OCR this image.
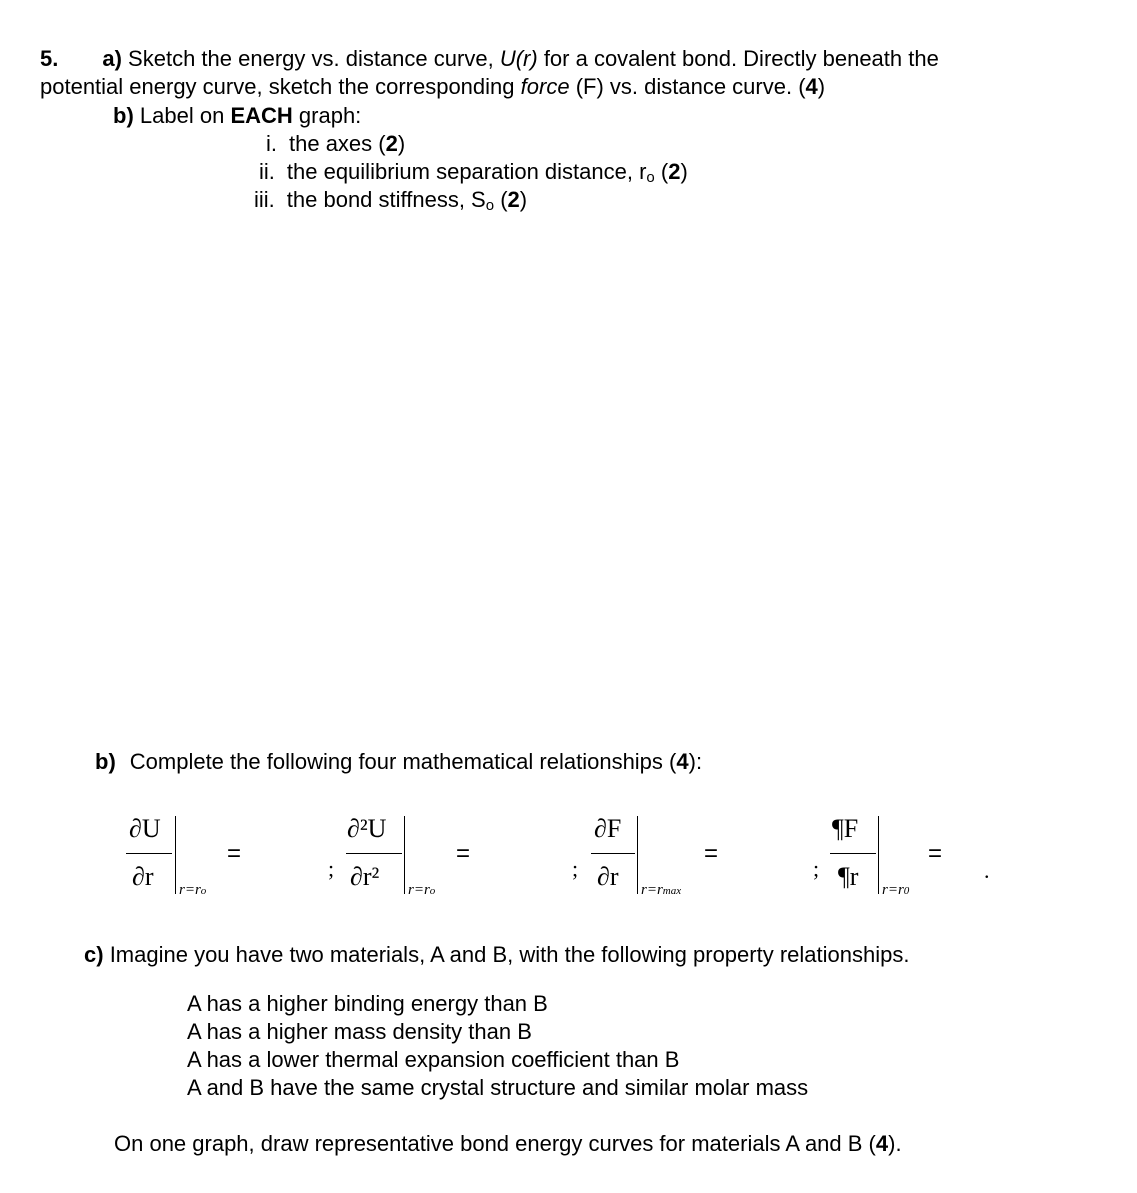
5. a) Sketch the energy vs. distance curve, U(r) for a covalent bond. Directly beneath the
potential energy curve, sketch the corresponding force (F) vs. distance curve. (4)
b) Label on EACH graph:
i. the axes (2)
ii. the equilibrium separation distance, ro (2)
iii. the bond stiffness, So (2)
b) Complete the following four mathematical relationships (4):
∂U
∂r r=ro
=
;
∂²U
∂r² r=ro
=
;
∂F
∂r r=rmax
=
;
¶F
¶r r=r0
=
.
c) Imagine you have two materials, A and B, with the following property relationships.
A has a higher binding energy than B
A has a higher mass density than B
A has a lower thermal expansion coefficient than B
A and B have the same crystal structure and similar molar mass
On one graph, draw representative bond energy curves for materials A and B (4).
